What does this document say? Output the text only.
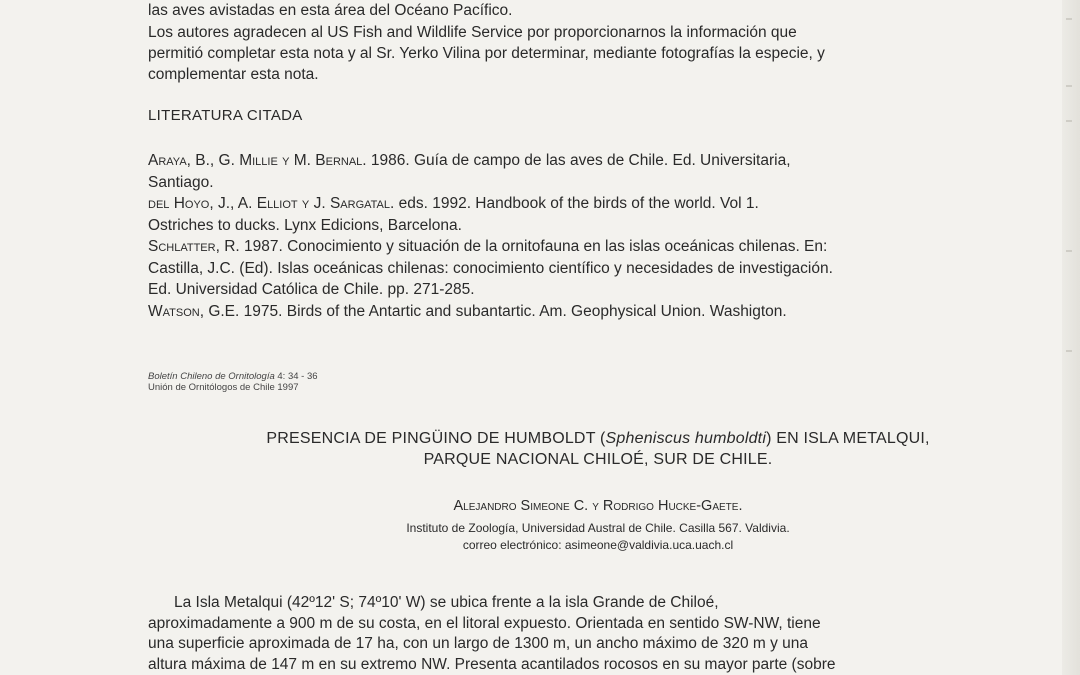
las aves avistadas en esta área del Océano Pacífico.
Los autores agradecen al US Fish and Wildlife Service por proporcionarnos la información que
permitió completar esta nota y al Sr. Yerko Vilina por determinar, mediante fotografías la especie, y
complementar esta nota.
LITERATURA CITADA
Araya, B., G. Millie y M. Bernal. 1986. Guía de campo de las aves de Chile. Ed. Universitaria,
Santiago.
del Hoyo, J., A. Elliot y J. Sargatal. eds. 1992. Handbook of the birds of the world. Vol 1.
Ostriches to ducks. Lynx Edicions, Barcelona.
Schlatter, R. 1987. Conocimiento y situación de la ornitofauna en las islas oceánicas chilenas. En:
Castilla, J.C. (Ed). Islas oceánicas chilenas: conocimiento científico y necesidades de investigación.
Ed. Universidad Católica de Chile. pp. 271-285.
Watson, G.E. 1975. Birds of the Antartic and subantartic. Am. Geophysical Union. Washigton.
Boletín Chileno de Ornitología 4: 34 - 36
Unión de Ornitólogos de Chile 1997
PRESENCIA DE PINGÜINO DE HUMBOLDT (Spheniscus humboldti) EN ISLA METALQUI,
PARQUE NACIONAL CHILOÉ, SUR DE CHILE.
Alejandro Simeone C. y Rodrigo Hucke-Gaete.
Instituto de Zoología, Universidad Austral de Chile. Casilla 567. Valdivia.
correo electrónico: asimeone@valdivia.uca.uach.cl
La Isla Metalqui (42º12' S; 74º10' W) se ubica frente a la isla Grande de Chiloé,
aproximadamente a 900 m de su costa, en el litoral expuesto. Orientada en sentido SW-NW, tiene
una superficie aproximada de 17 ha, con un largo de 1300 m, un ancho máximo de 320 m y una
altura máxima de 147 m en su extremo NW. Presenta acantilados rocosos en su mayor parte (sobre
